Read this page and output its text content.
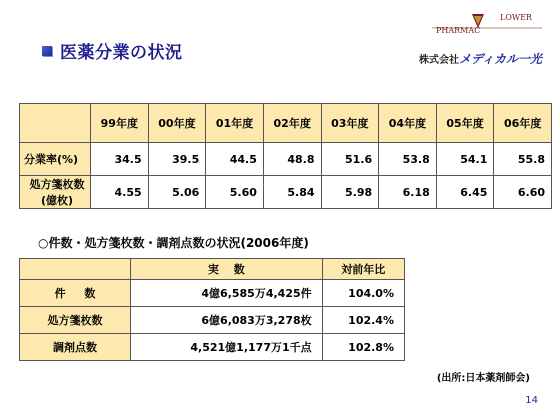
医薬分業の状況
PHARMAC
LOWER
株式会社メディカル一光
	99年度	00年度	01年度	02年度	03年度	04年度	05年度	06年度
分業率(%)	34.5	39.5	44.5	48.8	51.6	53.8	54.1	55.8

処方箋枚数
(億枚)	4.55	5.06	5.60	5.84	5.98	6.18	6.45	6.60
○件数・処方箋枚数・調剤点数の状況(2006年度)
	実　 数	対前年比
件 　 数	4億6,585万4,425件	104.0%
処方箋枚数	6億6,083万3,278枚	102.4%
調剤点数	4,521億1,177万1千点	102.8%
(出所:日本薬剤師会)
14
